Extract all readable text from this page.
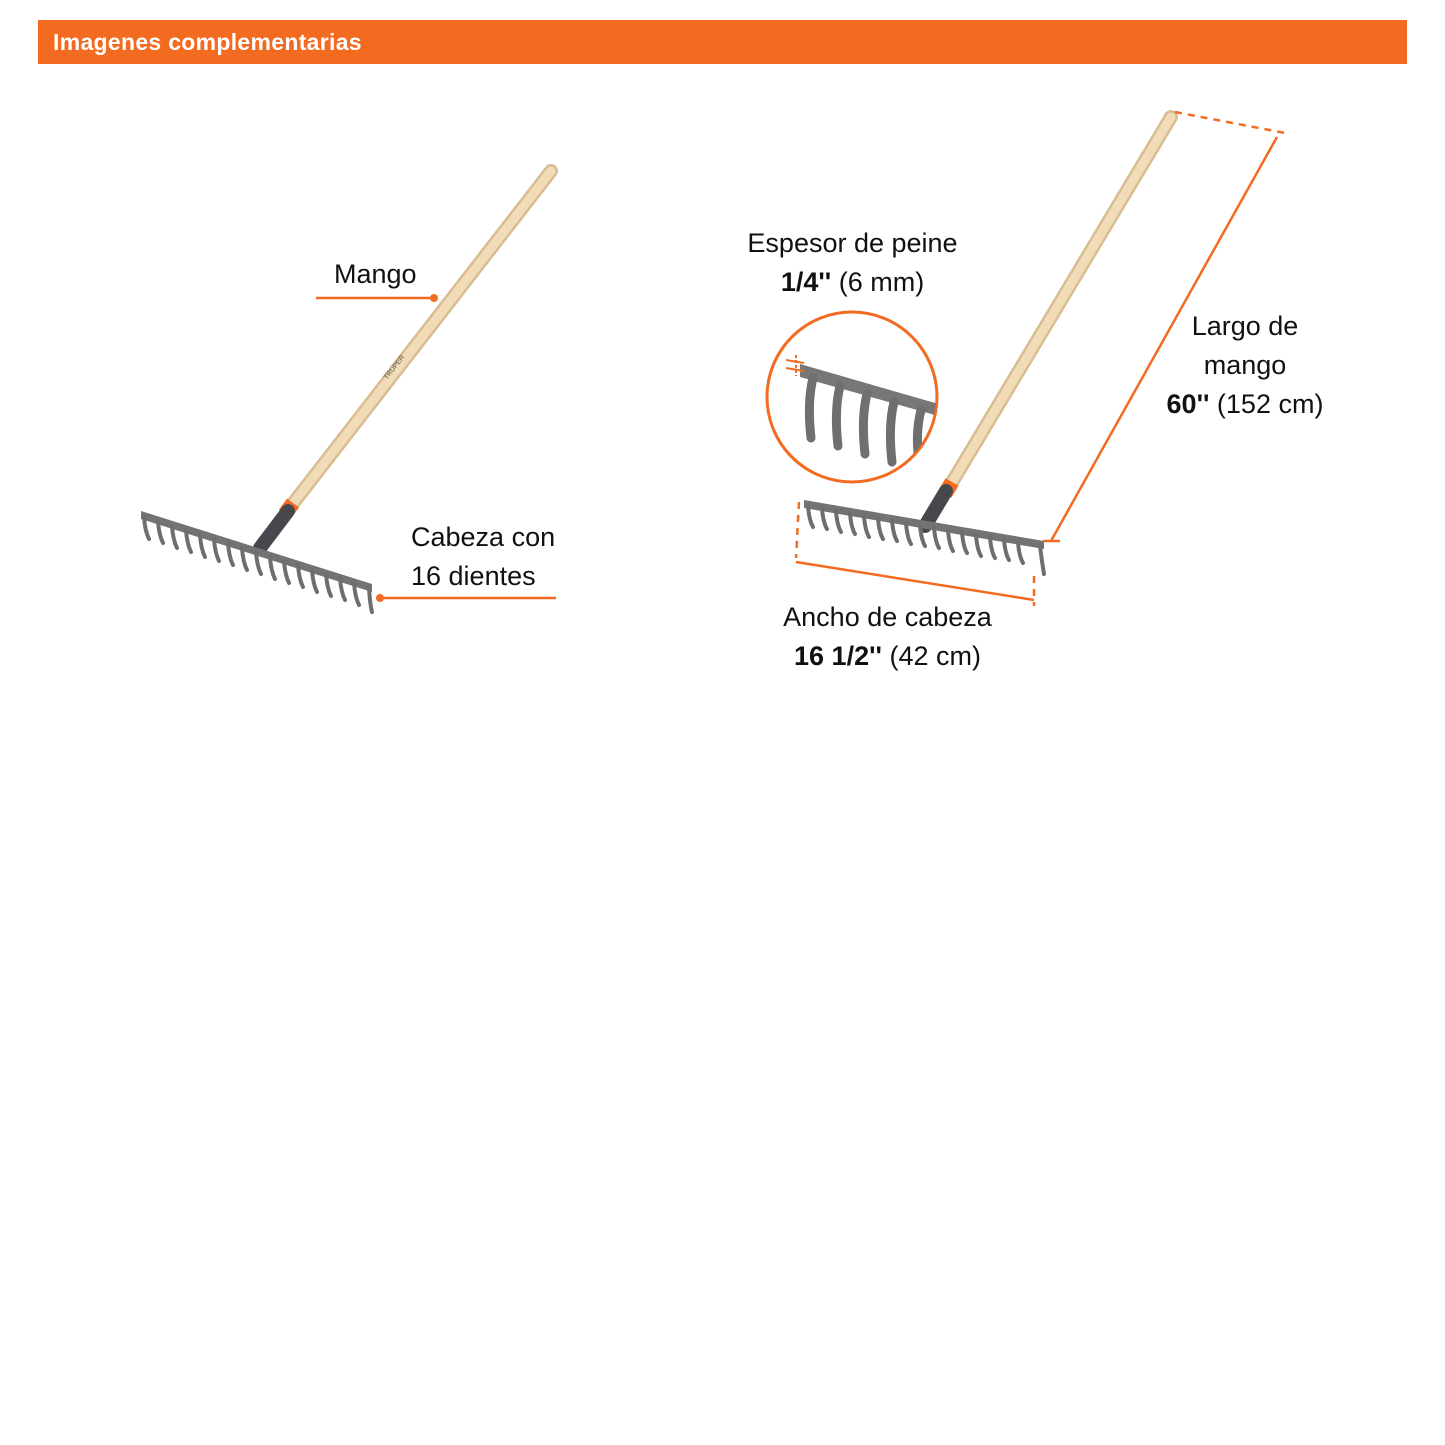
Imagenes complementarias
TRUPER
Mango
Cabeza con
16 dientes
Espesor de peine
1/4'' (6 mm)
Largo de
mango
60'' (152 cm)
Ancho de cabeza
16 1/2'' (42 cm)
